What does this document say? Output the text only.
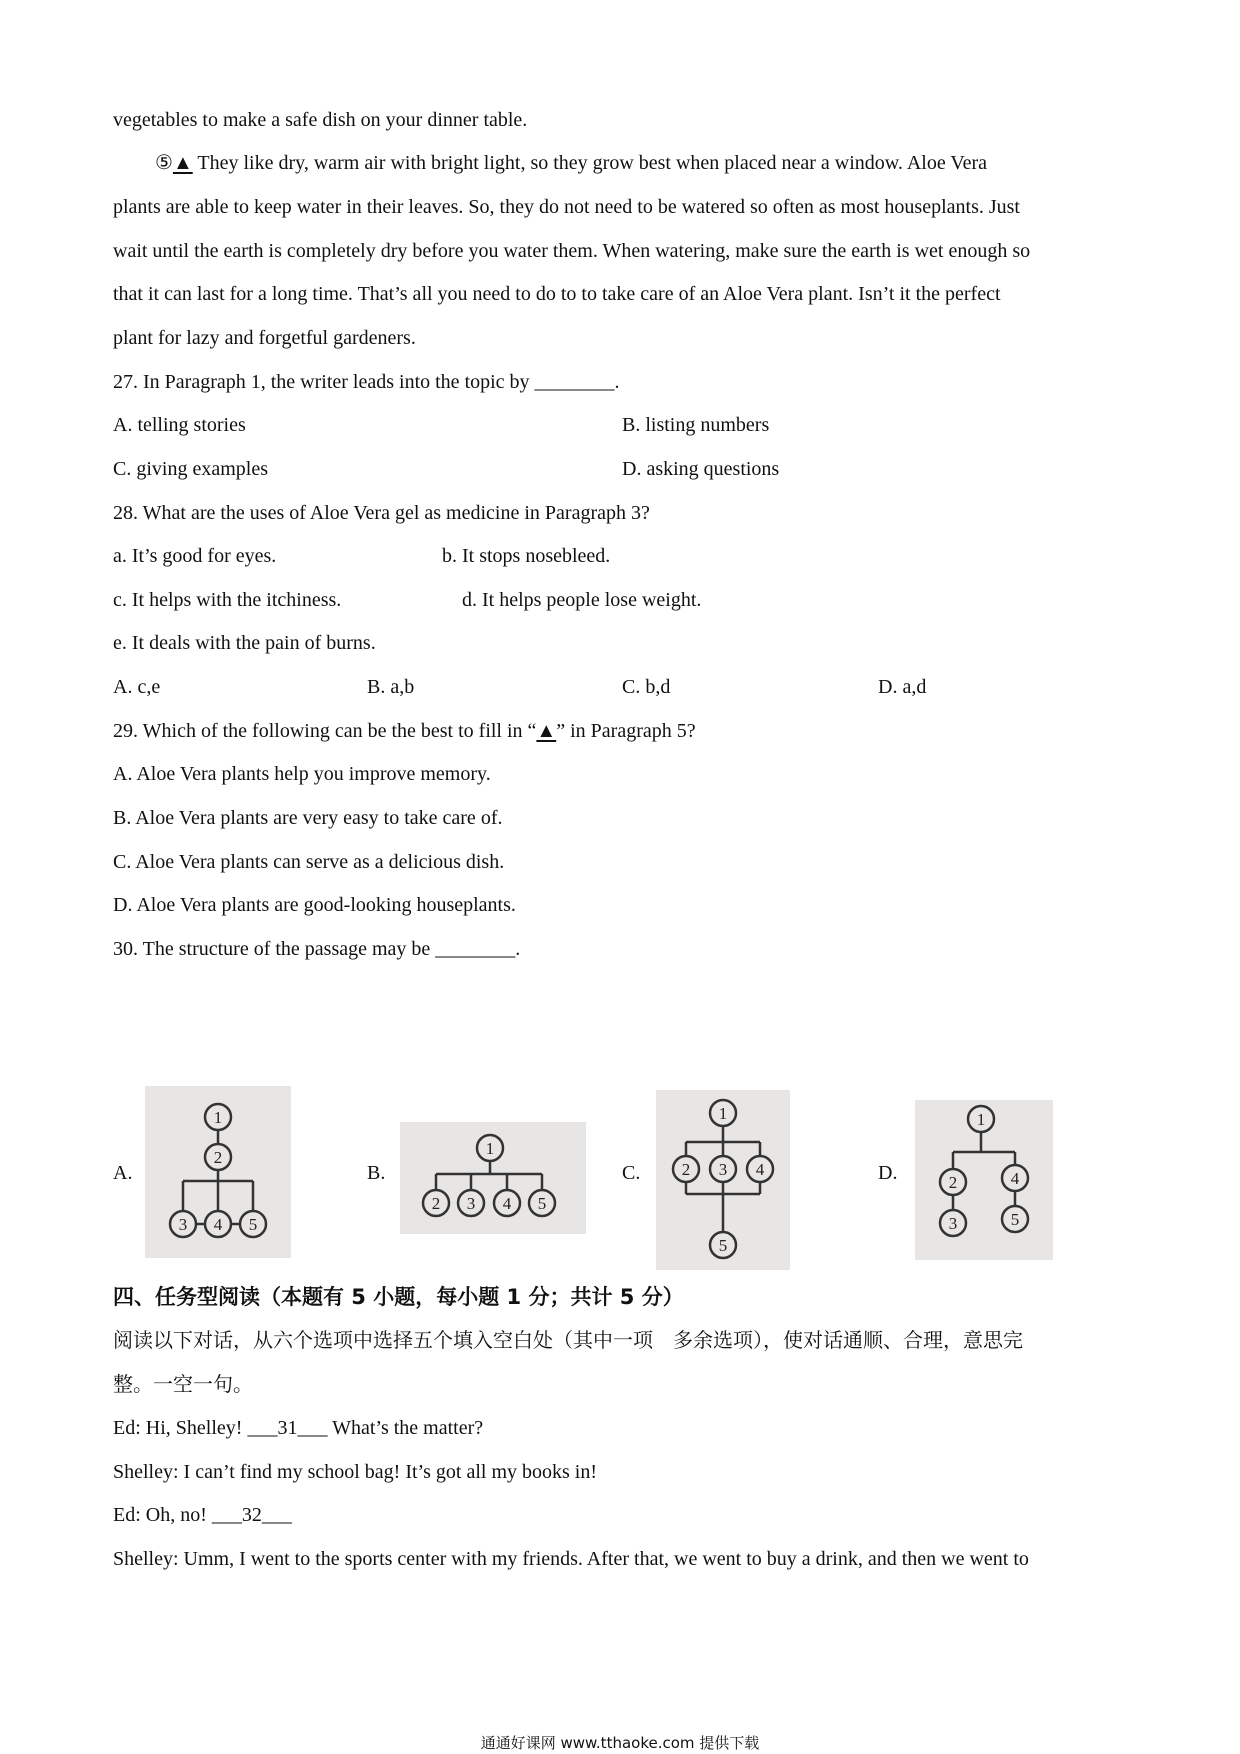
vegetables to make a safe dish on your dinner table.
⑤▲ They like dry, warm air with bright light, so they grow best when placed near a window. Aloe Vera
plants are able to keep water in their leaves. So, they do not need to be watered so often as most houseplants. Just
wait until the earth is completely dry before you water them. When watering, make sure the earth is wet enough so
that it can last for a long time. That’s all you need to do to to take care of an Aloe Vera plant. Isn’t it the perfect
plant for lazy and forgetful gardeners.
27. In Paragraph 1, the writer leads into the topic by ________.
A. telling stories	B. listing numbers
C. giving examples	D. asking questions
28. What are the uses of Aloe Vera gel as medicine in Paragraph 3?
a. It’s good for eyes.	b. It stops nosebleed.
c. It helps with the itchiness.	d. It helps people lose weight.
e. It deals with the pain of burns.
A. c,e	B. a,b	C. b,d	D. a,d
29. Which of the following can be the best to fill in “▲” in Paragraph 5?
A. Aloe Vera plants help you improve memory.
B. Aloe Vera plants are very easy to take care of.
C. Aloe Vera plants can serve as a delicious dish.
D. Aloe Vera plants are good-looking houseplants.
30. The structure of the passage may be ________.
A.	B.	C.	D.
1
2
3 4 5
1
2 3 4 5
1
2 3 4
5
1
2	4
3	5
四、任务型阅读（本题有 5 小题，每小题 1 分；共计 5 分）
阅读以下对话，从六个选项中选择五个填入空白处（其中一项　多余选项），使对话通顺、合理，意思完
整。一空一句。
Ed: Hi, Shelley! ___31___ What’s the matter?
Shelley: I can’t find my school bag! It’s got all my books in!
Ed: Oh, no! ___32___
Shelley: Umm, I went to the sports center with my friends. After that, we went to buy a drink, and then we went to
通通好课网 www.tthaoke.com 提供下载
